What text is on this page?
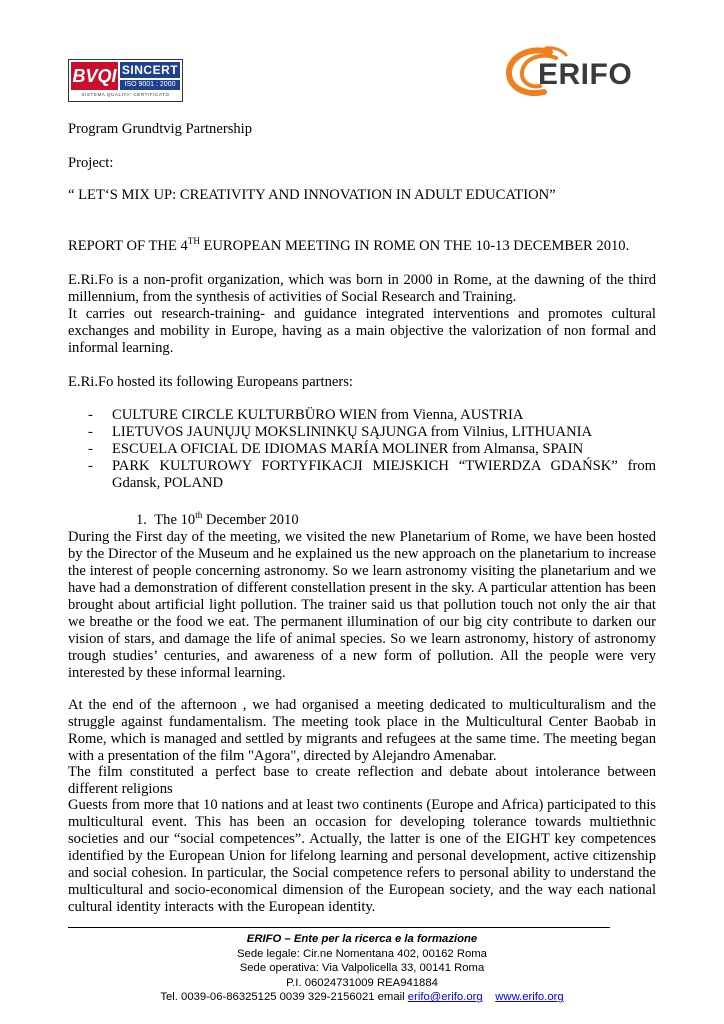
BVQI SINCERT
ISO 9001 : 2000
SISTEMA QUALITA' CERTIFICATO
ERIFO

Program Grundtvig Partnership

Project:

“ LET‘S MIX UP: CREATIVITY AND INNOVATION IN ADULT EDUCATION”

REPORT OF THE 4TH EUROPEAN MEETING IN ROME ON THE 10-13 DECEMBER 2010.

E.Ri.Fo is a non-profit organization, which was born in 2000 in Rome, at the dawning of the third millennium, from the synthesis of activities of Social Research and Training.

It carries out research-training- and guidance integrated interventions and promotes cultural exchanges and mobility in Europe, having as a main objective the valorization of non formal and informal learning.

E.Ri.Fo hosted its following Europeans partners:

- CULTURE CIRCLE KULTURBÜRO WIEN from Vienna, AUSTRIA
- LIETUVOS JAUNŲJŲ MOKSLININKŲ SĄJUNGA from Vilnius, LITHUANIA
- ESCUELA OFICIAL DE IDIOMAS MARÍA MOLINER from Almansa, SPAIN
- PARK KULTUROWY FORTYFIKACJI MIEJSKICH “TWIERDZA GDAŃSK” from Gdansk, POLAND

1. The 10th December 2010

During the First day of the meeting, we visited the new Planetarium of Rome, we have been hosted by the Director of the Museum and he explained us the new approach on the planetarium to increase the interest of people concerning astronomy. So we learn astronomy visiting the planetarium and we have had a demonstration of different constellation present in the sky. A particular attention has been brought about artificial light pollution. The trainer said us that pollution touch not only the air that we breathe or the food we eat. The permanent illumination of our big city contribute to darken our vision of stars, and damage the life of animal species. So we learn astronomy, history of astronomy trough studies’ centuries, and awareness of a new form of pollution. All the people were very interested by these informal learning.

At the end of the afternoon , we had organised a meeting dedicated to multiculturalism and the struggle against fundamentalism. The meeting took place in the Multicultural Center Baobab in Rome, which is managed and settled by migrants and refugees at the same time. The meeting began with a presentation of the film "Agora", directed by Alejandro Amenabar.

The film constituted a perfect base to create reflection and debate about intolerance between different religions

Guests from more that 10 nations and at least two continents (Europe and Africa) participated to this multicultural event. This has been an occasion for developing tolerance towards multiethnic societies and our “social competences”. Actually, the latter is one of the EIGHT key competences identified by the European Union for lifelong learning and personal development, active citizenship and social cohesion. In particular, the Social competence refers to personal ability to understand the multicultural and socio-economical dimension of the European society, and the way each national cultural identity interacts with the European identity.

ERIFO – Ente per la ricerca e la formazione
Sede legale: Cir.ne Nomentana 402, 00162 Roma
Sede operativa: Via Valpolicella 33, 00141 Roma
P.I. 06024731009 REA941884
Tel. 0039-06-86325125 0039 329-2156021 email erifo@erifo.org www.erifo.org
